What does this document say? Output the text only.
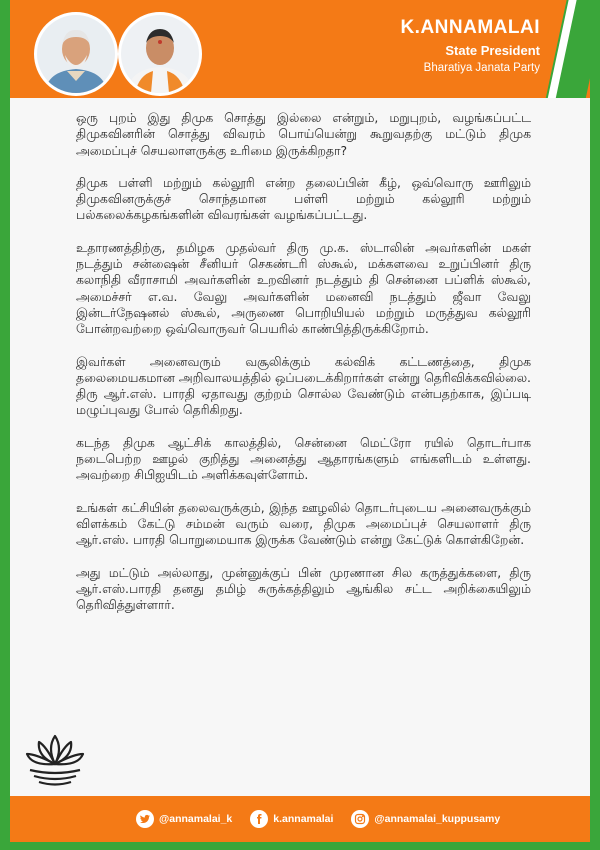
K.ANNAMALAI
State President
Bharatiya Janata Party

ஒரு புறம் இது திமுக சொத்து இல்லை என்றும், மறுபுறம், வழங்கப்பட்ட திமுகவினரின் சொத்து விவரம் பொய்யென்று கூறுவதற்கு மட்டும் திமுக அமைப்புச் செயலாளருக்கு உரிமை இருக்கிறதா?

திமுக பள்ளி மற்றும் கல்லூரி என்ற தலைப்பின் கீழ், ஒவ்வொரு ஊரிலும் திமுகவினருக்குச் சொந்தமான பள்ளி மற்றும் கல்லூரி மற்றும் பல்கலைக்கழகங்களின் விவரங்கள் வழங்கப்பட்டது.

உதாரணத்திற்கு, தமிழக முதல்வர் திரு மு.க. ஸ்டாலின் அவர்களின் மகள் நடத்தும் சன்ஷைன் சீனியர் செகண்டரி ஸ்கூல், மக்களவை உறுப்பினர் திரு கலாநிதி வீராசாமி அவர்களின் உறவினர் நடத்தும் தி சென்னை பப்ளிக் ஸ்கூல், அமைச்சர் எ.வ. வேலு அவர்களின் மனைவி நடத்தும் ஜீவா வேலு இன்டர்நேஷனல் ஸ்கூல், அருணை பொறியியல் மற்றும் மருத்துவ கல்லூரி போன்றவற்றை ஒவ்வொருவர் பெயரில் காண்பித்திருக்கிறோம்.

இவர்கள் அனைவரும் வசூலிக்கும் கல்விக் கட்டணத்தை, திமுக தலைமையகமான அறிவாலயத்தில் ஒப்படைக்கிறார்கள் என்று தெரிவிக்கவில்லை. திரு ஆர்.எஸ். பாரதி ஏதாவது குற்றம் சொல்ல வேண்டும் என்பதற்காக, இப்படி மழுப்புவது போல் தெரிகிறது.

கடந்த திமுக ஆட்சிக் காலத்தில், சென்னை மெட்ரோ ரயில் தொடர்பாக நடைபெற்ற ஊழல் குறித்து அனைத்து ஆதாரங்களும் எங்களிடம் உள்ளது. அவற்றை சிபிஐயிடம் அளிக்கவுள்ளோம்.

உங்கள் கட்சியின் தலைவருக்கும், இந்த ஊழலில் தொடர்புடைய அனைவருக்கும் விளக்கம் கேட்டு சம்மன் வரும் வரை, திமுக அமைப்புச் செயலாளர் திரு ஆர்.எஸ். பாரதி பொறுமையாக இருக்க வேண்டும் என்று கேட்டுக் கொள்கிறேன்.

அது மட்டும் அல்லாது, முன்னுக்குப் பின் முரணான சில கருத்துக்களை, திரு ஆர்.எஸ்.பாரதி தனது தமிழ் சுருக்கத்திலும் ஆங்கில சட்ட அறிக்கையிலும் தெரிவித்துள்ளார்.

@annamalai_k	k.annamalai	@annamalai_kuppusamy
